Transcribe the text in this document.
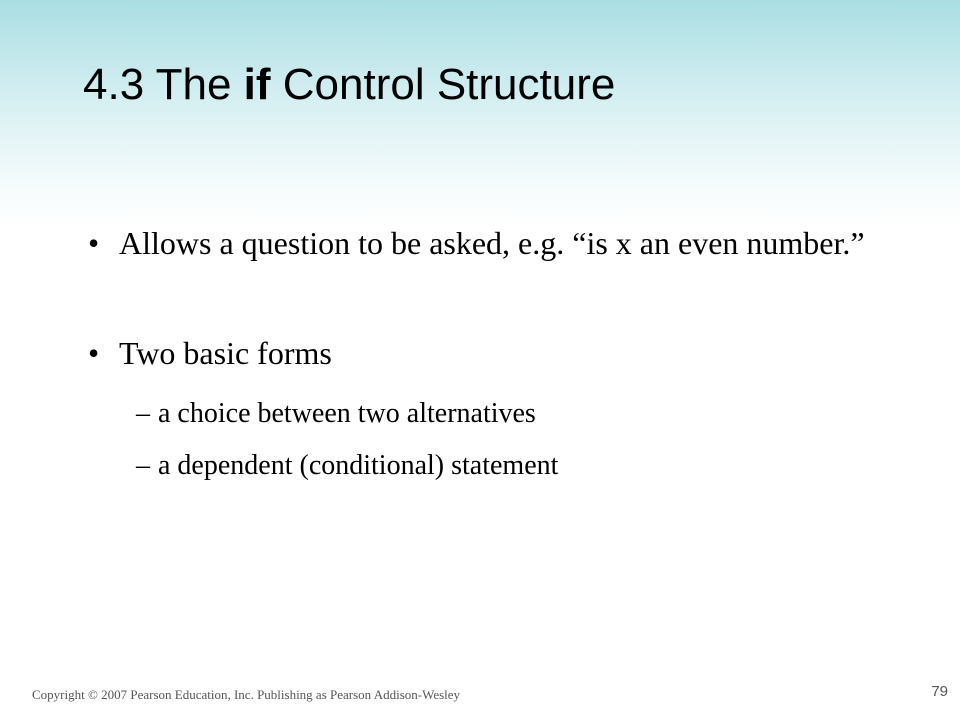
4.3 The if Control Structure
• Allows a question to be asked, e.g. “is x an even number.”
• Two basic forms
– a choice between two alternatives
– a dependent (conditional) statement
Copyright © 2007 Pearson Education, Inc. Publishing as Pearson Addison-Wesley	79
